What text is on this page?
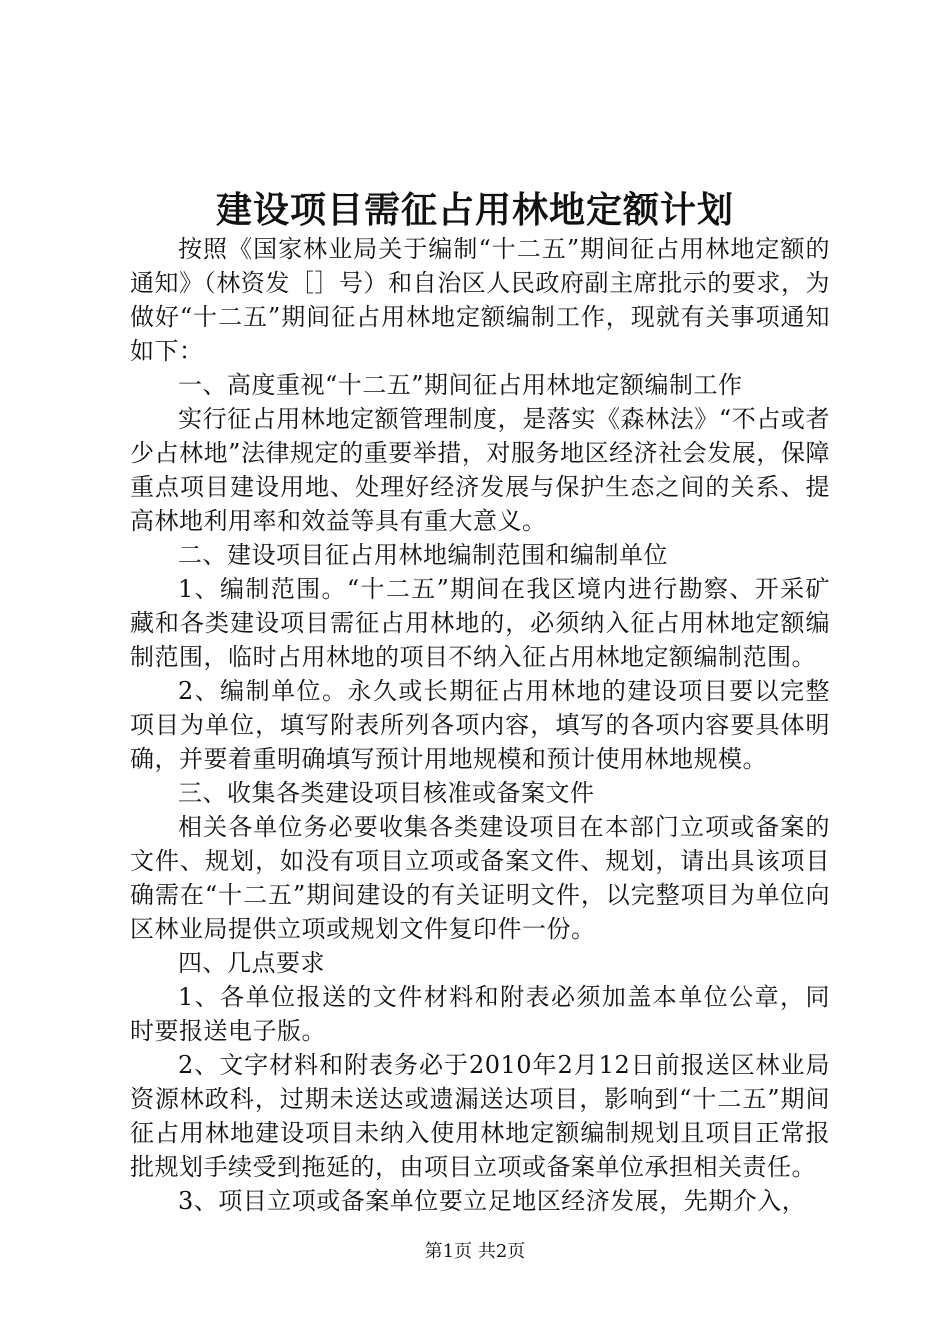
建设项目需征占用林地定额计划

按照《国家林业局关于编制“十二五”期间征占用林地定额的通知》（林资发［］号）和自治区人民政府副主席批示的要求，为做好“十二五”期间征占用林地定额编制工作，现就有关事项通知如下：

一、高度重视“十二五”期间征占用林地定额编制工作

实行征占用林地定额管理制度，是落实《森林法》“不占或者少占林地”法律规定的重要举措，对服务地区经济社会发展，保障重点项目建设用地、处理好经济发展与保护生态之间的关系、提高林地利用率和效益等具有重大意义。

二、建设项目征占用林地编制范围和编制单位

1、编制范围。“十二五”期间在我区境内进行勘察、开采矿藏和各类建设项目需征占用林地的，必须纳入征占用林地定额编制范围，临时占用林地的项目不纳入征占用林地定额编制范围。

2、编制单位。永久或长期征占用林地的建设项目要以完整项目为单位，填写附表所列各项内容，填写的各项内容要具体明确，并要着重明确填写预计用地规模和预计使用林地规模。

三、收集各类建设项目核准或备案文件

相关各单位务必要收集各类建设项目在本部门立项或备案的文件、规划，如没有项目立项或备案文件、规划，请出具该项目确需在“十二五”期间建设的有关证明文件，以完整项目为单位向区林业局提供立项或规划文件复印件一份。

四、几点要求

1、各单位报送的文件材料和附表必须加盖本单位公章，同时要报送电子版。

2、文字材料和附表务必于2010年2月12日前报送区林业局资源林政科，过期未送达或遗漏送达项目，影响到“十二五”期间征占用林地建设项目未纳入使用林地定额编制规划且项目正常报批规划手续受到拖延的，由项目立项或备案单位承担相关责任。

3、项目立项或备案单位要立足地区经济发展，先期介入，

第1页 共2页
